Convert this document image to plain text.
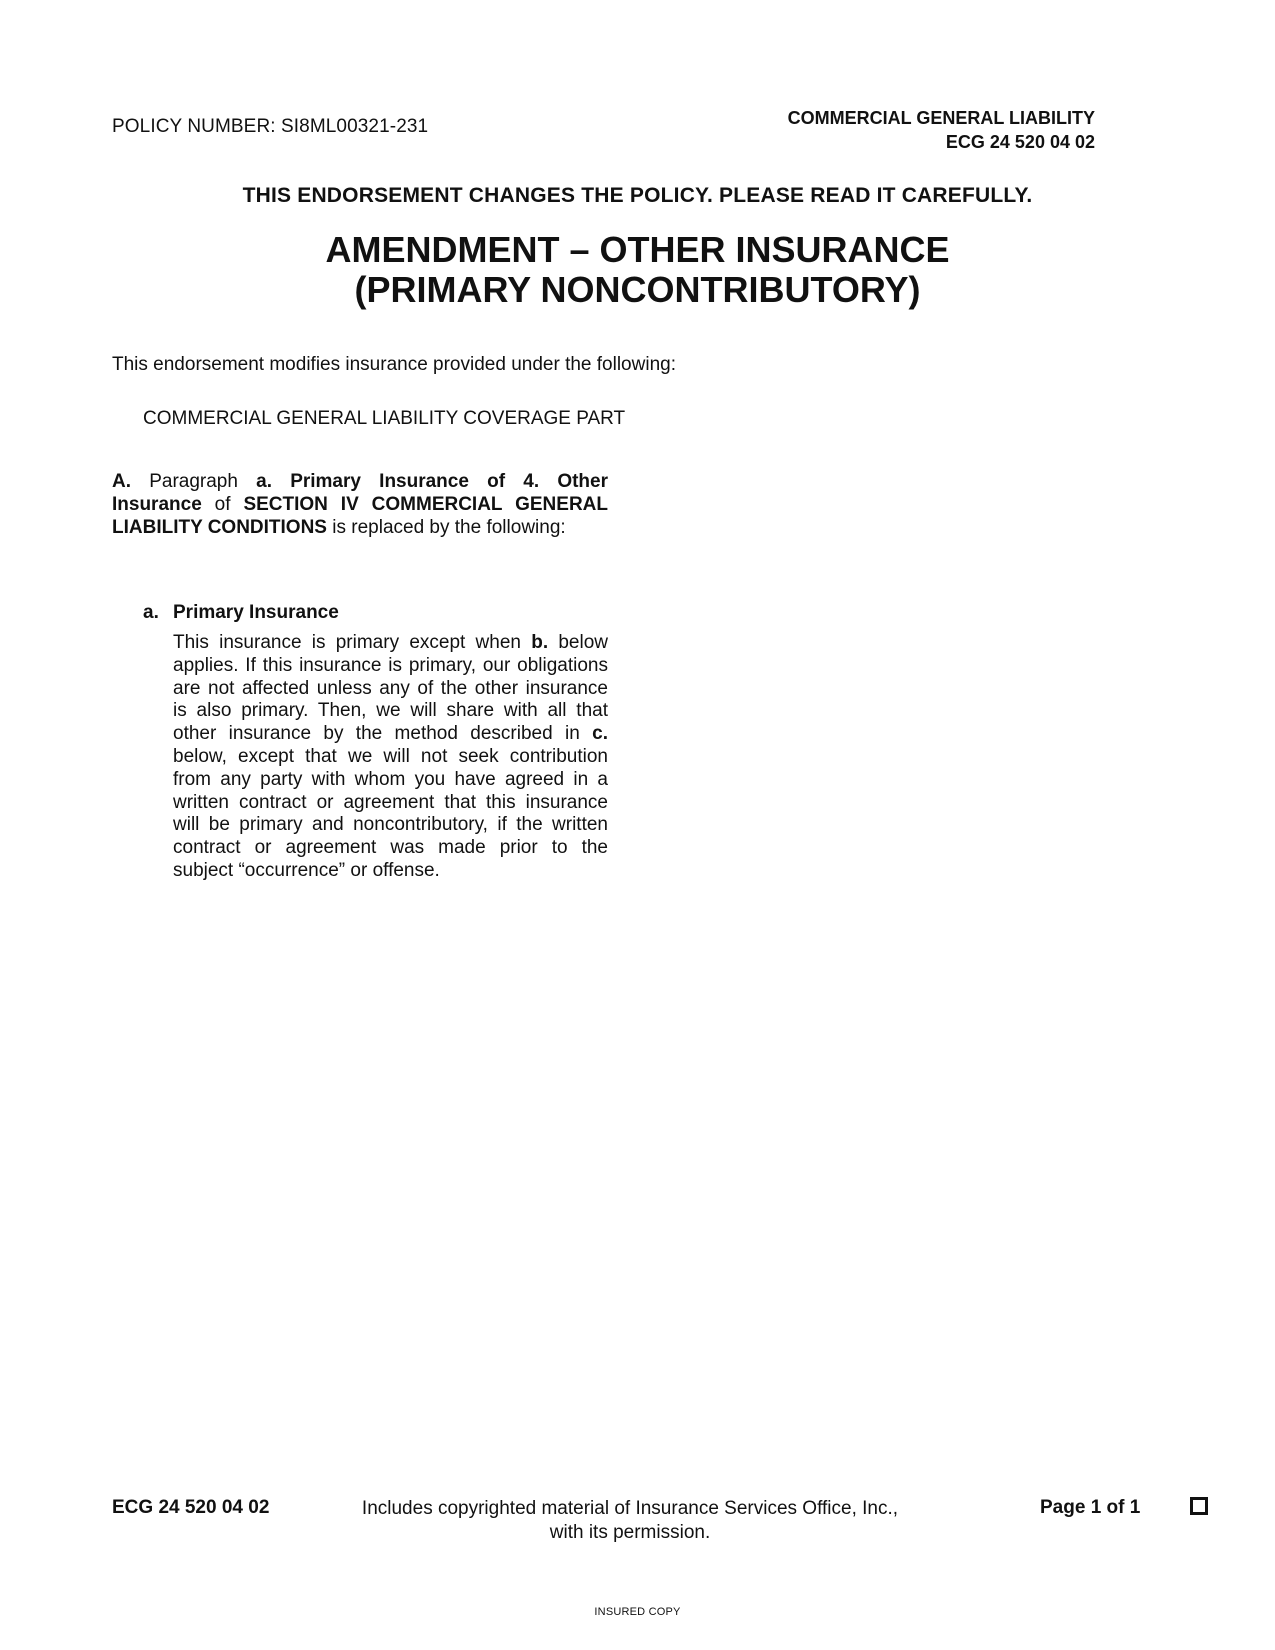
POLICY NUMBER: SI8ML00321-231	COMMERCIAL GENERAL LIABILITY
ECG 24 520 04 02
THIS ENDORSEMENT CHANGES THE POLICY. PLEASE READ IT CAREFULLY.
AMENDMENT – OTHER INSURANCE
(PRIMARY NONCONTRIBUTORY)
This endorsement modifies insurance provided under the following:
COMMERCIAL GENERAL LIABILITY COVERAGE PART
A. Paragraph a. Primary Insurance of 4. Other Insurance of SECTION IV COMMERCIAL GENERAL LIABILITY CONDITIONS is replaced by the following:
a. Primary Insurance
This insurance is primary except when b. below applies. If this insurance is primary, our obligations are not affected unless any of the other insurance is also primary. Then, we will share with all that other insurance by the method described in c. below, except that we will not seek contribution from any party with whom you have agreed in a written contract or agreement that this insurance will be primary and noncontributory, if the written contract or agreement was made prior to the subject “occurrence” or offense.
ECG 24 520 04 02	Includes copyrighted material of Insurance Services Office, Inc.,
with its permission.
Page 1 of 1
INSURED COPY
